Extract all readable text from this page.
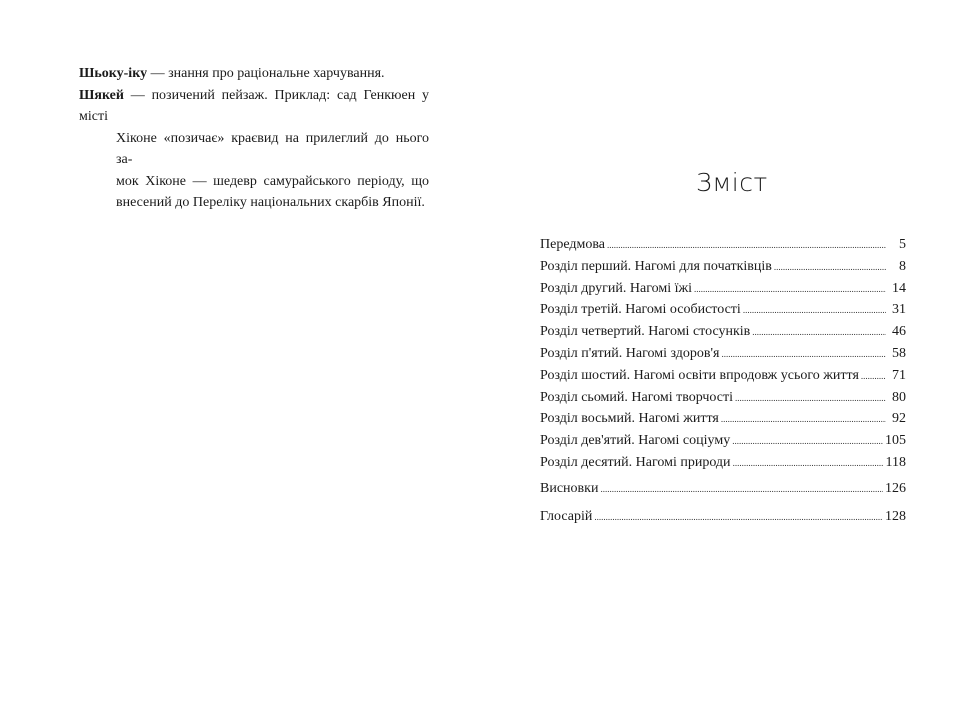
Шьоку-іку — знання про раціональне харчування.

Шякей — позичений пейзаж. Приклад: сад Генкюен у місті
Хіконе «позичає» краєвид на прилеглий до нього за-
мок Хіконе — шедевр самурайського періоду, що
внесений до Переліку національних скарбів Японії.

Зміст
Передмова .....	5
Розділ перший. Нагомі для початківців .....	8
Розділ другий. Нагомі їжі .....	14
Розділ третій. Нагомі особистості .....	31
Розділ четвертий. Нагомі стосунків .....	46
Розділ п'ятий. Нагомі здоров'я .....	58
Розділ шостий. Нагомі освіти впродовж усього життя ..... 71
Розділ сьомий. Нагомі творчості .....	80
Розділ восьмий. Нагомі життя .....	92
Розділ дев'ятий. Нагомі соціуму .....	105
Розділ десятий. Нагомі природи .....	118
Висновки .....	126
Глосарій .....	128
